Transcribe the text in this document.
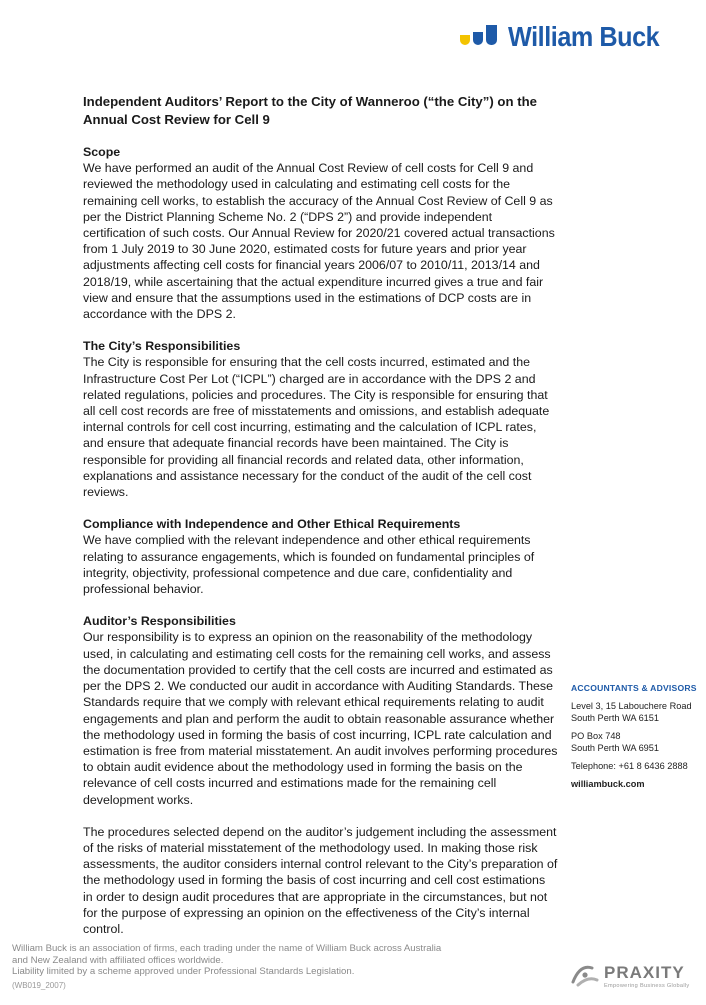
William Buck

Independent Auditors’ Report to the City of Wanneroo (“the City”) on the Annual Cost Review for Cell 9

Scope

We have performed an audit of the Annual Cost Review of cell costs for Cell 9 and reviewed the methodology used in calculating and estimating cell costs for the remaining cell works, to establish the accuracy of the Annual Cost Review of Cell 9 as per the District Planning Scheme No. 2 (“DPS 2”) and provide independent certification of such costs. Our Annual Review for 2020/21 covered actual transactions from 1 July 2019 to 30 June 2020, estimated costs for future years and prior year adjustments affecting cell costs for financial years 2006/07 to 2010/11, 2013/14 and 2018/19, while ascertaining that the actual expenditure incurred gives a true and fair view and ensure that the assumptions used in the estimations of DCP costs are in accordance with the DPS 2.

The City’s Responsibilities

The City is responsible for ensuring that the cell costs incurred, estimated and the Infrastructure Cost Per Lot (“ICPL”) charged are in accordance with the DPS 2 and related regulations, policies and procedures. The City is responsible for ensuring that all cell cost records are free of misstatements and omissions, and establish adequate internal controls for cell cost incurring, estimating and the calculation of ICPL rates, and ensure that adequate financial records have been maintained. The City is responsible for providing all financial records and related data, other information, explanations and assistance necessary for the conduct of the audit of the cell cost reviews.

Compliance with Independence and Other Ethical Requirements

We have complied with the relevant independence and other ethical requirements relating to assurance engagements, which is founded on fundamental principles of integrity, objectivity, professional competence and due care, confidentiality and professional behavior.

Auditor’s Responsibilities

Our responsibility is to express an opinion on the reasonability of the methodology used, in calculating and estimating cell costs for the remaining cell works, and assess the documentation provided to certify that the cell costs are incurred and estimated as per the DPS 2. We conducted our audit in accordance with Auditing Standards. These Standards require that we comply with relevant ethical requirements relating to audit engagements and plan and perform the audit to obtain reasonable assurance whether the methodology used in forming the basis of cost incurring, ICPL rate calculation and estimation is free from material misstatement. An audit involves performing procedures to obtain audit evidence about the methodology used in forming the basis on the relevance of cell costs incurred and estimations made for the remaining cell development works.

The procedures selected depend on the auditor’s judgement including the assessment of the risks of material misstatement of the methodology used. In making those risk assessments, the auditor considers internal control relevant to the City’s preparation of the methodology used in forming the basis of cost incurring and cell cost estimations in order to design audit procedures that are appropriate in the circumstances, but not for the purpose of expressing an opinion on the effectiveness of the City’s internal control.

ACCOUNTANTS & ADVISORS
Level 3, 15 Labouchere Road
South Perth WA 6151
PO Box 748
South Perth WA 6951
Telephone: +61 8 6436 2888
williambuck.com
William Buck is an association of firms, each trading under the name of William Buck across Australia
and New Zealand with affiliated offices worldwide.
Liability limited by a scheme approved under Professional Standards Legislation.
(WB019_2007)
PRAXITY
Empowering Business Globally
